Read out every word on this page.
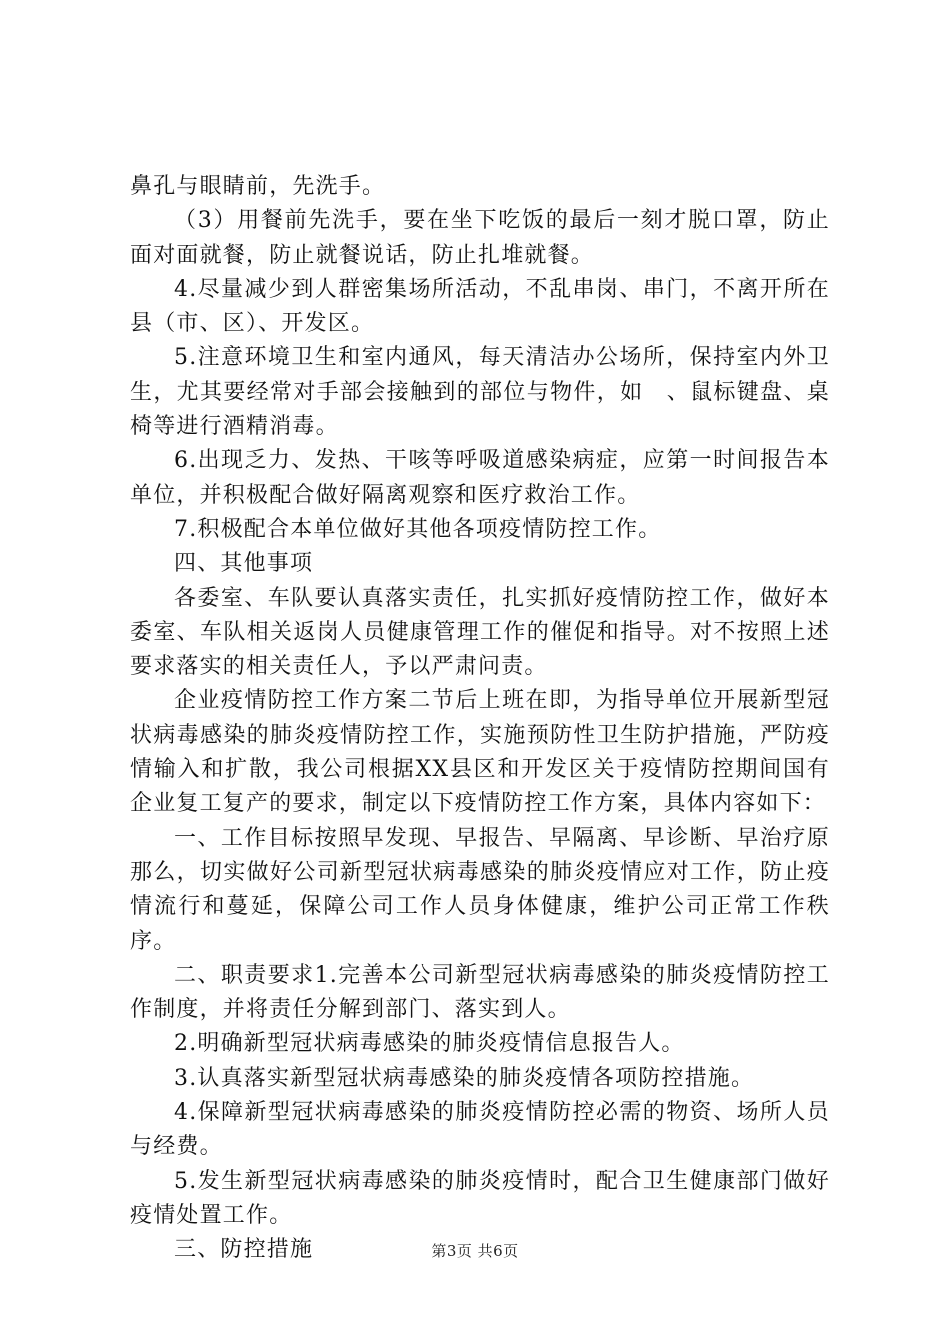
鼻孔与眼睛前，先洗手。

（3）用餐前先洗手，要在坐下吃饭的最后一刻才脱口罩，防止面对面就餐，防止就餐说话，防止扎堆就餐。

4.尽量减少到人群密集场所活动，不乱串岗、串门，不离开所在县（市、区）、开发区。

5.注意环境卫生和室内通风，每天清洁办公场所，保持室内外卫生，尤其要经常对手部会接触到的部位与物件，如　、鼠标键盘、桌椅等进行酒精消毒。

6.出现乏力、发热、干咳等呼吸道感染病症，应第一时间报告本单位，并积极配合做好隔离观察和医疗救治工作。

7.积极配合本单位做好其他各项疫情防控工作。

四、其他事项

各委室、车队要认真落实责任，扎实抓好疫情防控工作，做好本委室、车队相关返岗人员健康管理工作的催促和指导。对不按照上述要求落实的相关责任人，予以严肃问责。

企业疫情防控工作方案二节后上班在即，为指导单位开展新型冠状病毒感染的肺炎疫情防控工作，实施预防性卫生防护措施，严防疫情输入和扩散，我公司根据XX县区和开发区关于疫情防控期间国有企业复工复产的要求，制定以下疫情防控工作方案，具体内容如下：

一、工作目标按照早发现、早报告、早隔离、早诊断、早治疗原那么，切实做好公司新型冠状病毒感染的肺炎疫情应对工作，防止疫情流行和蔓延，保障公司工作人员身体健康，维护公司正常工作秩序。

二、职责要求1.完善本公司新型冠状病毒感染的肺炎疫情防控工作制度，并将责任分解到部门、落实到人。

2.明确新型冠状病毒感染的肺炎疫情信息报告人。

3.认真落实新型冠状病毒感染的肺炎疫情各项防控措施。

4.保障新型冠状病毒感染的肺炎疫情防控必需的物资、场所人员与经费。

5.发生新型冠状病毒感染的肺炎疫情时，配合卫生健康部门做好疫情处置工作。

三、防控措施	第3页 共6页
